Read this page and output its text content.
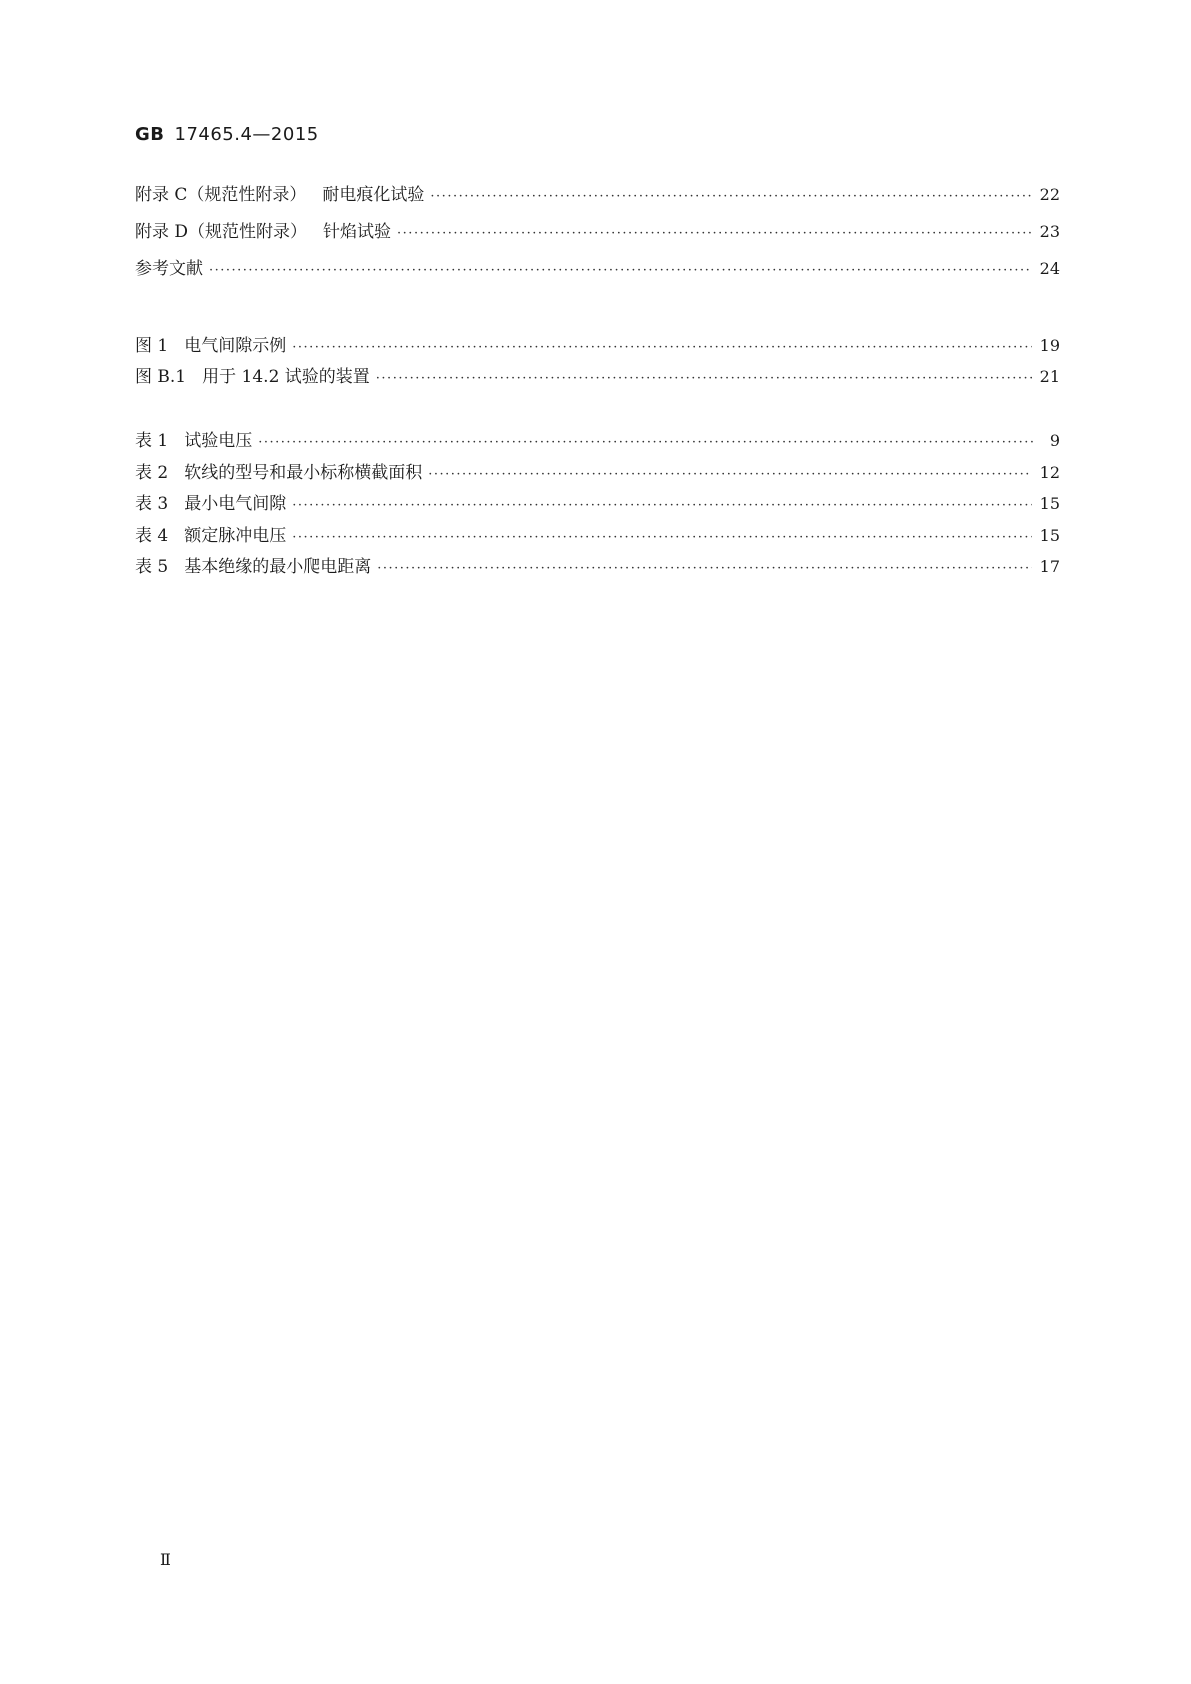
GB 17465.4—2015
附录 C（规范性附录） 耐电痕化试验 ·····	22
附录 D（规范性附录） 针焰试验 ·····	23
参考文献 ·····	24
图 1 电气间隙示例 ·····	19
图 B.1 用于 14.2 试验的装置 ·····	21
表 1 试验电压 ·····	9
表 2 软线的型号和最小标称横截面积 ·····	12
表 3 最小电气间隙 ·····	15
表 4 额定脉冲电压 ·····	15
表 5 基本绝缘的最小爬电距离 ·····	17
Ⅱ
